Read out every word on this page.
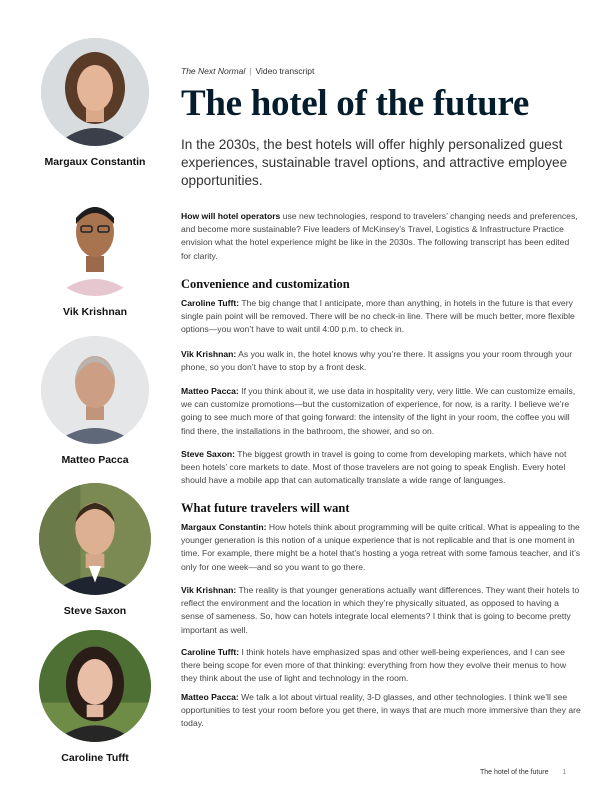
Margaux Constantin
Vik Krishnan
Matteo Pacca
Steve Saxon
Caroline Tufft
The Next Normal | Video transcript
The hotel of the future

In the 2030s, the best hotels will offer highly personalized guest experiences, sustainable travel options, and attractive employee opportunities.

How will hotel operators use new technologies, respond to travelers’ changing needs and preferences, and become more sustainable? Five leaders of McKinsey’s Travel, Logistics & Infrastructure Practice envision what the hotel experience might be like in the 2030s. The following transcript has been edited for clarity.

Convenience and customization

Caroline Tufft: The big change that I anticipate, more than anything, in hotels in the future is that every single pain point will be removed. There will be no check-in line. There will be much better, more flexible options—you won’t have to wait until 4:00 p.m. to check in.

Vik Krishnan: As you walk in, the hotel knows why you’re there. It assigns you your room through your phone, so you don’t have to stop by a front desk.

Matteo Pacca: If you think about it, we use data in hospitality very, very little. We can customize emails, we can customize promotions—but the customization of experience, for now, is a rarity. I believe we’re going to see much more of that going forward: the intensity of the light in your room, the coffee you will find there, the installations in the bathroom, the shower, and so on.

Steve Saxon: The biggest growth in travel is going to come from developing markets, which have not been hotels’ core markets to date. Most of those travelers are not going to speak English. Every hotel should have a mobile app that can automatically translate a wide range of languages.

What future travelers will want

Margaux Constantin: How hotels think about programming will be quite critical. What is appealing to the younger generation is this notion of a unique experience that is not replicable and that is one moment in time. For example, there might be a hotel that’s hosting a yoga retreat with some famous teacher, and it’s only for one week—and so you want to go there.

Vik Krishnan: The reality is that younger generations actually want differences. They want their hotels to reflect the environment and the location in which they’re physically situated, as opposed to having a sense of sameness. So, how can hotels integrate local elements? I think that is going to become pretty important as well.

Caroline Tufft: I think hotels have emphasized spas and other well-being experiences, and I can see there being scope for even more of that thinking: everything from how they evolve their menus to how they think about the use of light and technology in the room.

Matteo Pacca: We talk a lot about virtual reality, 3-D glasses, and other technologies. I think we’ll see opportunities to test your room before you get there, in ways that are much more immersive than they are today.

The hotel of the future 1
